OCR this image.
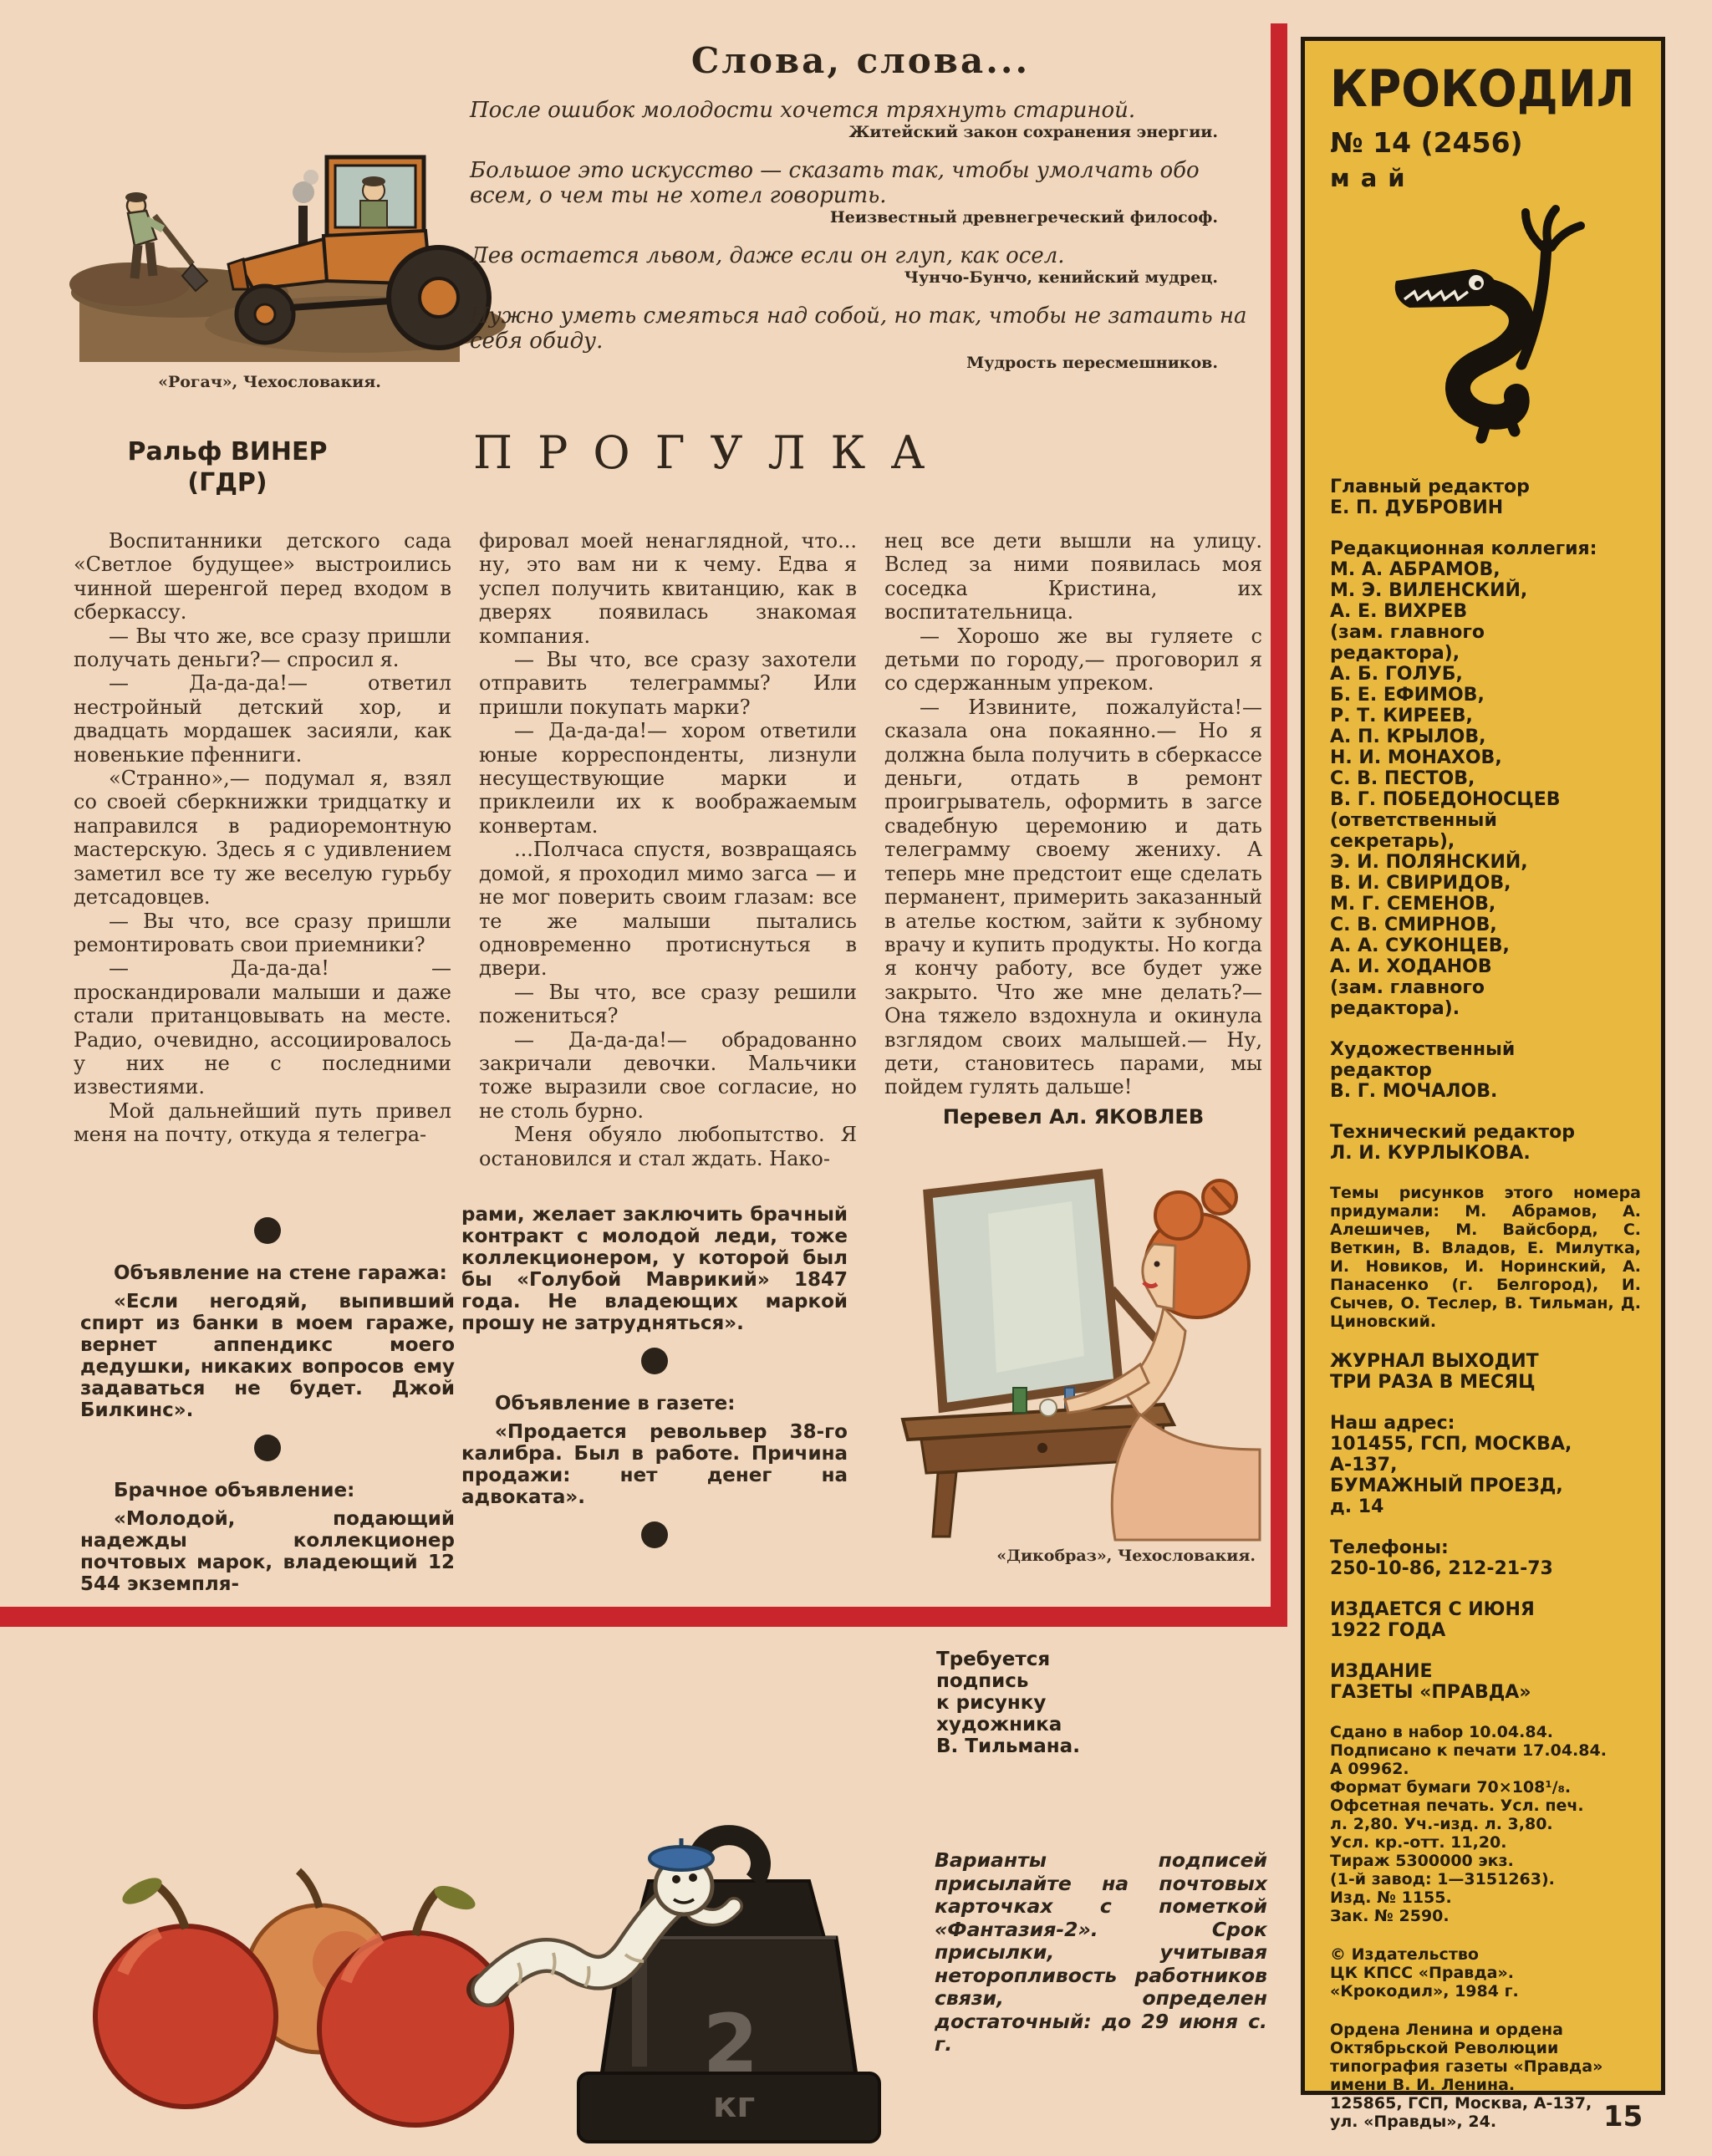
«Рогач», Чехословакия.

Слова, слова...

После ошибок молодости хочется тряхнуть стариной.

Житейский закон сохранения энергии.

Большое это искусство — сказать так, чтобы умолчать обо всем, о чем ты не хотел говорить.

Неизвестный древнегреческий философ.

Лев остается львом, даже если он глуп, как осел.

Чунчо-Бунчо, кенийский мудрец.

Нужно уметь смеяться над собой, но так, чтобы не затаить на себя обиду.

Мудрость пересмешников.

Ральф ВИНЕР
(ГДР)
ПРОГУЛКА

Воспитанники детского сада «Светлое будущее» выстроились чинной шеренгой перед входом в сберкассу.

— Вы что же, все сразу пришли получать деньги?— спросил я.

— Да-да-да!— ответил нестройный детский хор, и двадцать мордашек засияли, как новенькие пфенниги.

«Странно»,— подумал я, взял со своей сберкнижки тридцатку и направился в радиоремонтную мастерскую. Здесь я с удивлением заметил все ту же веселую гурьбу детсадовцев.

— Вы что, все сразу пришли ремонтировать свои приемники?

— Да-да-да! — проскандировали малыши и даже стали пританцовывать на месте. Радио, очевидно, ассоциировалось у них не с последними известиями.

Мой дальнейший путь привел меня на почту, откуда я телегра-

фировал моей ненаглядной, что... ну, это вам ни к чему. Едва я успел получить квитанцию, как в дверях появилась знакомая компания.

— Вы что, все сразу захотели отправить телеграммы? Или пришли покупать марки?

— Да-да-да!— хором ответили юные корреспонденты, лизнули несуществующие марки и приклеили их к воображаемым конвертам.

...Полчаса спустя, возвращаясь домой, я проходил мимо загса — и не мог поверить своим глазам: все те же малыши пытались одновременно протиснуться в двери.

— Вы что, все сразу решили пожениться?

— Да-да-да!— обрадованно закричали девочки. Мальчики тоже выразили свое согласие, но не столь бурно.

Меня обуяло любопытство. Я остановился и стал ждать. Нако-

нец все дети вышли на улицу. Вслед за ними появилась моя соседка Кристина, их воспитательница.

— Хорошо же вы гуляете с детьми по городу,— проговорил я со сдержанным упреком.

— Извините, пожалуйста!— сказала она покаянно.— Но я должна была получить в сберкассе деньги, отдать в ремонт проигрыватель, оформить в загсе свадебную церемонию и дать телеграмму своему жениху. А теперь мне предстоит еще сделать перманент, примерить заказанный в ателье костюм, зайти к зубному врачу и купить продукты. Но когда я кончу работу, все будет уже закрыто. Что же мне делать?— Она тяжело вздохнула и окинула взглядом своих малышей.— Ну, дети, становитесь парами, мы пойдем гулять дальше!

Перевел Ал. ЯКОВЛЕВ

Объявление на стене гаража:

«Если негодяй, выпивший спирт из банки в моем гараже, вернет аппендикс моего дедушки, никаких вопросов ему задаваться не будет. Джой Билкинс».

Брачное объявление:

«Молодой, подающий надежды коллекционер почтовых марок, владеющий 12 544 экземпля-

рами, желает заключить брачный контракт с молодой леди, тоже коллекционером, у которой был бы «Голубой Маврикий» 1847 года. Не владеющих маркой прошу не затрудняться».

Объявление в газете:

«Продается револьвер 38-го калибра. Был в работе. Причина продажи: нет денег на адвоката».

«Дикобраз», Чехословакия.
Требуется
подпись
к рисунку
художника
В. Тильмана.
Варианты подписей присылайте на почтовых карточках с пометкой «Фантазия-2». Срок присылки, учитывая неторопливость работников связи, определен достаточный: до 29 июня с. г.
2
кг
КРОКОДИЛ
№ 14 (2456)
май
Главный редактор
Е. П. ДУБРОВИН
Редакционная коллегия:
М. А. АБРАМОВ,
М. Э. ВИЛЕНСКИЙ,
А. Е. ВИХРЕВ
(зам. главного
редактора),
А. Б. ГОЛУБ,
Б. Е. ЕФИМОВ,
Р. Т. КИРЕЕВ,
А. П. КРЫЛОВ,
Н. И. МОНАХОВ,
С. В. ПЕСТОВ,
В. Г. ПОБЕДОНОСЦЕВ
(ответственный
секретарь),
Э. И. ПОЛЯНСКИЙ,
В. И. СВИРИДОВ,
М. Г. СЕМЕНОВ,
С. В. СМИРНОВ,
А. А. СУКОНЦЕВ,
А. И. ХОДАНОВ
(зам. главного
редактора).
Художественный
редактор
В. Г. МОЧАЛОВ.
Технический редактор
Л. И. КУРЛЫКОВА.
Темы рисунков этого номера придумали: М. Абрамов, А. Алешичев, М. Вайсборд, С. Веткин, В. Владов, Е. Милутка, И. Новиков, И. Норинский, А. Панасенко (г. Белгород), И. Сычев, О. Теслер, В. Тильман, Д. Циновский.
ЖУРНАЛ ВЫХОДИТ
ТРИ РАЗА В МЕСЯЦ
Наш адрес:
101455, ГСП, МОСКВА,
А-137,
БУМАЖНЫЙ ПРОЕЗД,
д. 14
Телефоны:
250-10-86, 212-21-73
ИЗДАЕТСЯ С ИЮНЯ
1922 ГОДА
ИЗДАНИЕ
ГАЗЕТЫ «ПРАВДА»
Сдано в набор 10.04.84.
Подписано к печати 17.04.84.
А 09962.
Формат бумаги 70×108¹/₈.
Офсетная печать. Усл. печ.
л. 2,80. Уч.-изд. л. 3,80.
Усл. кр.-отт. 11,20.
Тираж 5300000 экз.
(1-й завод: 1—3151263).
Изд. № 1155.
Зак. № 2590.
© Издательство
ЦК КПСС «Правда».
«Крокодил», 1984 г.
Ордена Ленина и ордена
Октябрьской Революции
типография газеты «Правда»
имени В. И. Ленина.
125865, ГСП, Москва, А-137,
ул. «Правды», 24.	15
